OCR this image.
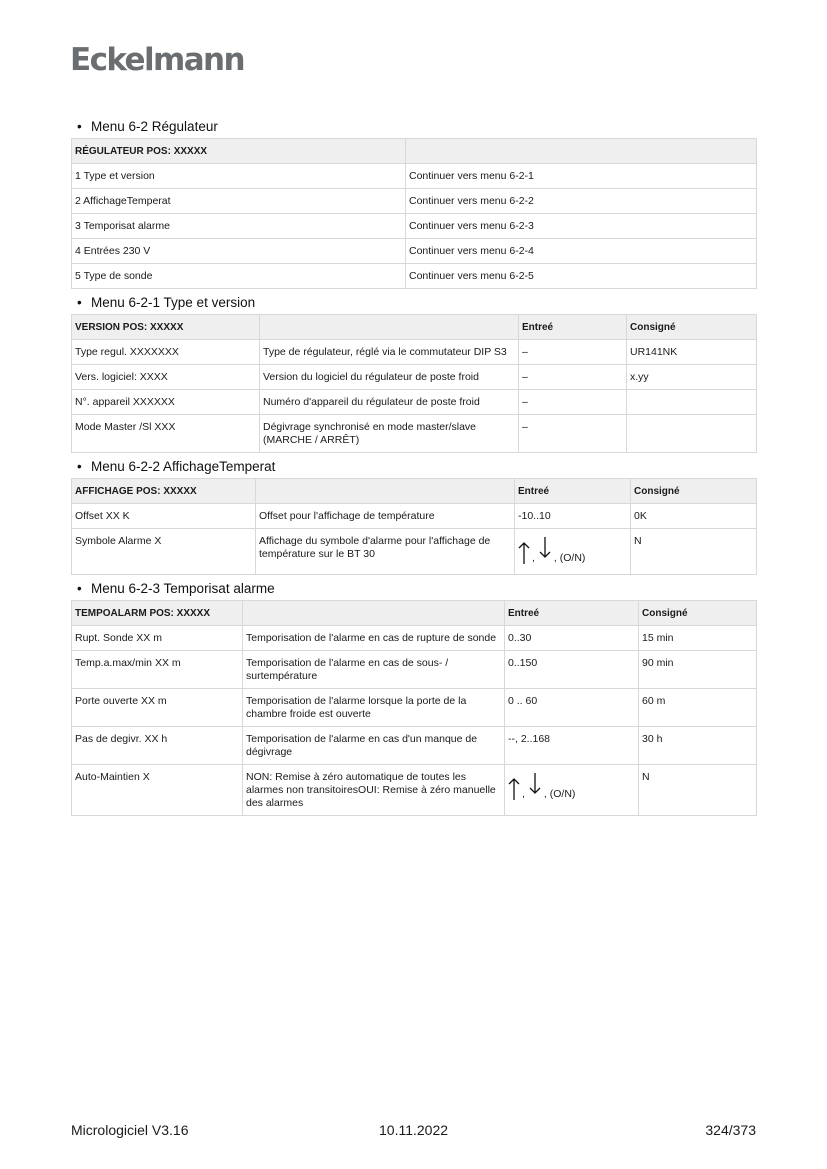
Eckelmann
• Menu 6-2 Régulateur
RÉGULATEUR POS: XXXXX	
1 Type et version	Continuer vers menu 6-2-1
2 AffichageTemperat	Continuer vers menu 6-2-2
3 Temporisat alarme	Continuer vers menu 6-2-3
4 Entrées 230 V	Continuer vers menu 6-2-4
5 Type de sonde	Continuer vers menu 6-2-5
• Menu 6-2-1 Type et version
VERSION POS: XXXXX		Entreé	Consigné
Type regul. XXXXXXX	Type de régulateur, réglé via le commutateur DIP S3	–	UR141NK
Vers. logiciel: XXXX	Version du logiciel du régulateur de poste froid	–	x.yy
N°. appareil XXXXXX	Numéro d'appareil du régulateur de poste froid	–	
Mode Master /Sl XXX	Dégivrage synchronisé en mode master/slave (MARCHE / ARRÊT)	–	
• Menu 6-2-2 AffichageTemperat
AFFICHAGE POS: XXXXX		Entreé	Consigné
Offset XX K	Offset pour l'affichage de température	-10..10	0K
Symbole Alarme X	Affichage du symbole d'alarme pour l'affichage de température sur le BT 30	, , (O/N)	N
• Menu 6-2-3 Temporisat alarme
TEMPOALARM POS: XXXXX		Entreé	Consigné
Rupt. Sonde XX m	Temporisation de l'alarme en cas de rupture de sonde	0..30	15 min
Temp.a.max/min XX m	Temporisation de l'alarme en cas de sous- / surtempérature	0..150	90 min
Porte ouverte XX m	Temporisation de l'alarme lorsque la porte de la chambre froide est ouverte	0 .. 60	60 m
Pas de degivr. XX h	Temporisation de l'alarme en cas d'un manque de dégivrage	--, 2..168	30 h
Auto-Maintien X	NON: Remise à zéro automatique de toutes les alarmes non transitoiresOUI: Remise à zéro manuelle des alarmes	, , (O/N)	N
Micrologiciel V3.16	10.11.2022	324/373
